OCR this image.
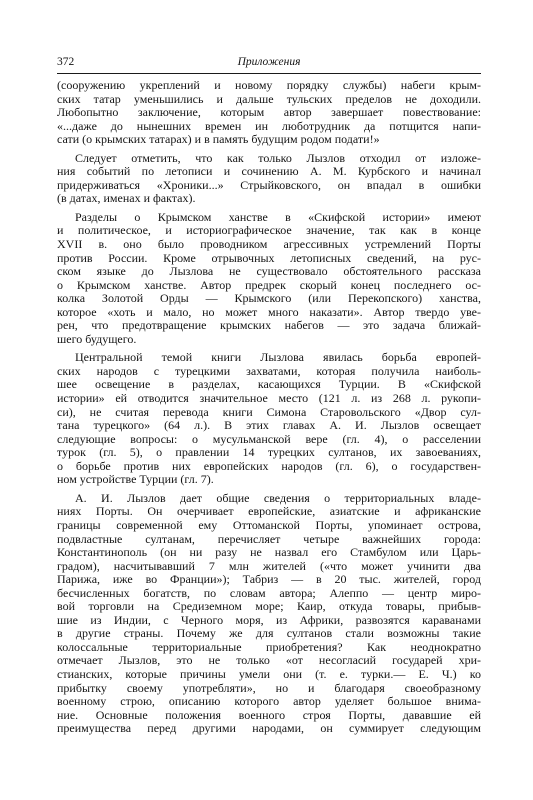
372	Приложения
(сооружению укреплений и новому порядку службы) набеги крым-
ских татар уменьшились и дальше тульских пределов не доходили.
Любопытно заключение, которым автор завершает повествование:
«...даже до нынешних времен ин люботрудник да потщится напи-
сати (о крымских татарах) и в память будущим родом подати!»
Следует отметить, что как только Лызлов отходил от изложе-
ния событий по летописи и сочинению А. М. Курбского и начинал
придерживаться «Хроники...» Стрыйковского, он впадал в ошибки
(в датах, именах и фактах).
Разделы о Крымском ханстве в «Скифской истории» имеют
и политическое, и историографическое значение, так как в конце
XVII в. оно было проводником агрессивных устремлений Порты
против России. Кроме отрывочных летописных сведений, на рус-
ском языке до Лызлова не существовало обстоятельного рассказа
о Крымском ханстве. Автор предрек скорый конец последнего ос-
колка Золотой Орды — Крымского (или Перекопского) ханства,
которое «хоть и мало, но может много наказати». Автор твердо уве-
рен, что предотвращение крымских набегов — это задача ближай-
шего будущего.
Центральной темой книги Лызлова явилась борьба европей-
ских народов с турецкими захватами, которая получила наиболь-
шее освещение в разделах, касающихся Турции. В «Скифской
истории» ей отводится значительное место (121 л. из 268 л. рукопи-
си), не считая перевода книги Симона Старовольского «Двор сул-
тана турецкого» (64 л.). В этих главах А. И. Лызлов освещает
следующие вопросы: о мусульманской вере (гл. 4), о расселении
турок (гл. 5), о правлении 14 турецких султанов, их завоеваниях,
о борьбе против них европейских народов (гл. 6), о государствен-
ном устройстве Турции (гл. 7).
А. И. Лызлов дает общие сведения о территориальных владе-
ниях Порты. Он очерчивает европейские, азиатские и африканские
границы современной ему Оттоманской Порты, упоминает острова,
подвластные султанам, перечисляет четыре важнейших города:
Константинополь (он ни разу не назвал его Стамбулом или Царь-
градом), насчитывавший 7 млн жителей («что может учинити два
Парижа, иже во Франции»); Табриз — в 20 тыс. жителей, город
бесчисленных богатств, по словам автора; Алеппо — центр миро-
вой торговли на Средиземном море; Каир, откуда товары, прибыв-
шие из Индии, с Черного моря, из Африки, развозятся караванами
в другие страны. Почему же для султанов стали возможны такие
колоссальные территориальные приобретения? Как неоднократно
отмечает Лызлов, это не только «от несогласий государей хри-
стианских, которые причины умели они (т. е. турки.— Е. Ч.) ко
прибытку своему употребляти», но и благодаря своеобразному
военному строю, описанию которого автор уделяет большое внима-
ние. Основные положения военного строя Порты, дававшие ей
преимущества перед другими народами, он суммирует следующим
